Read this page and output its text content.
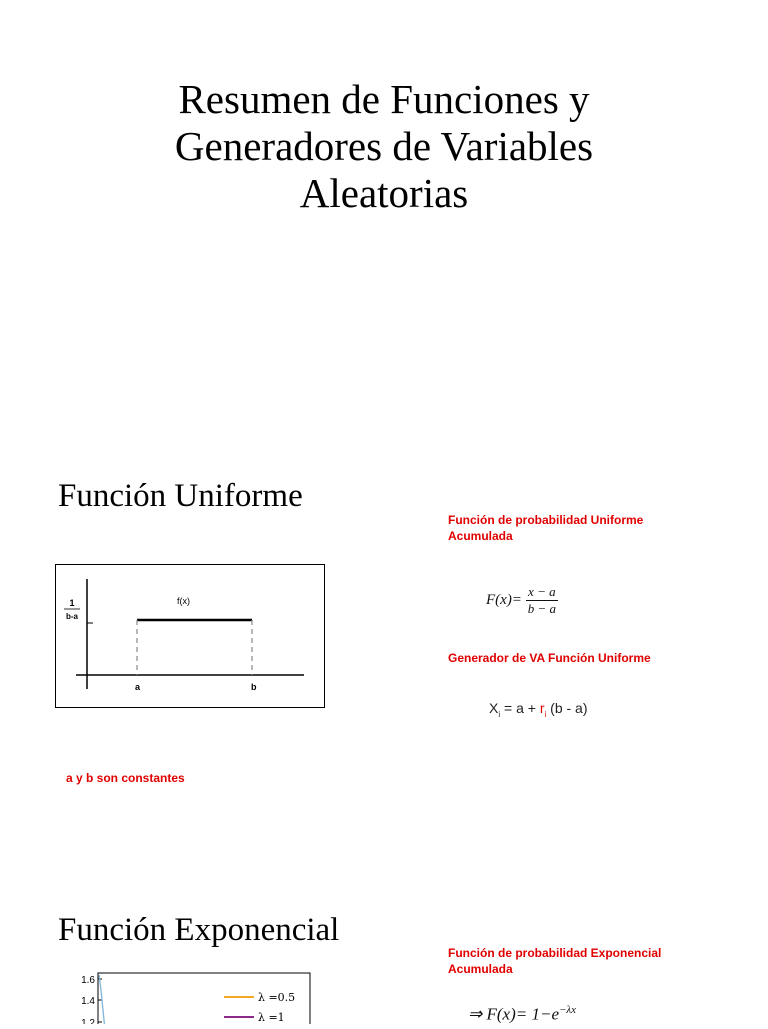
Resumen de Funciones y
Generadores de Variables
Aleatorias
Función Uniforme
Función de probabilidad Uniforme
Acumulada
$F(x)= \frac{x - a}{b - a}$
Generador de VA Función Uniforme
$X_i = a + r_i$ (b - a)
f(x)
1
b-a
a	b
a y b son constantes
Función Exponencial
Función de probabilidad Exponencial
Acumulada
⇒ $F(x)= 1-e^{-\lambda x}$
1.6
1.4
1.2
λ =0.5
λ =1
